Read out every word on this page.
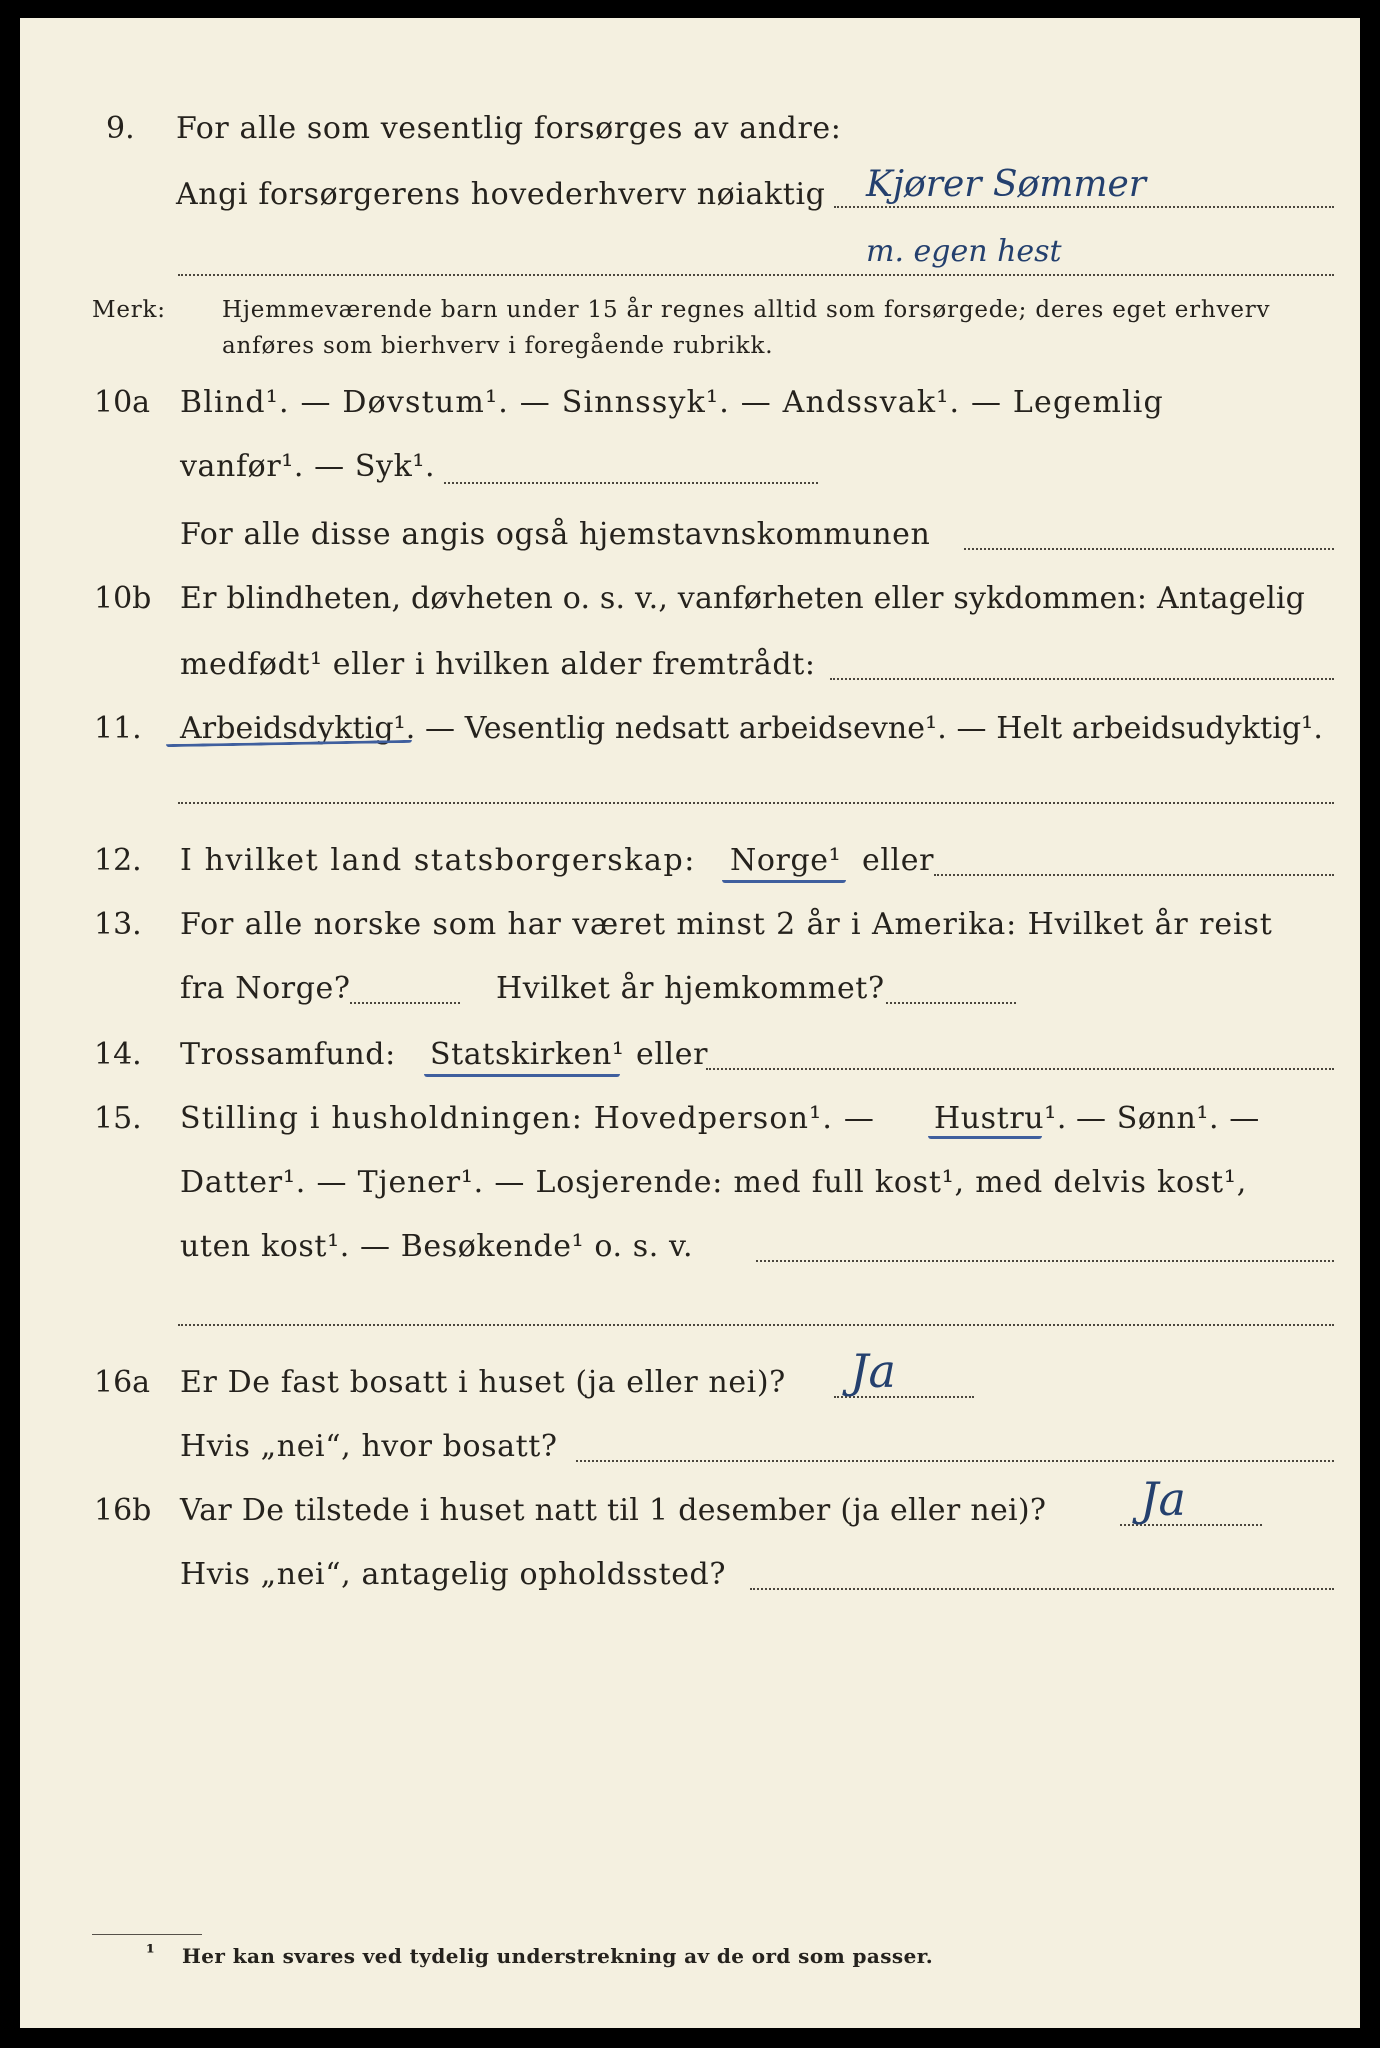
9. For alle som vesentlig forsørges av andre:
Angi forsørgerens hovederhverv nøiaktig Kjører Sømmer
m. egen hest
Merk: Hjemmeværende barn under 15 år regnes alltid som forsørgede; deres eget erhverv
anføres som bierhverv i foregående rubrikk.
10a Blind¹. — Døvstum¹. — Sinnssyk¹. — Andssvak¹. — Legemlig
vanfør¹. — Syk¹.
For alle disse angis også hjemstavnskommunen
10b Er blindheten, døvheten o. s. v., vanførheten eller sykdommen: Antagelig
medfødt¹ eller i hvilken alder fremtrådt:
11. Arbeidsdyktig¹. — Vesentlig nedsatt arbeidsevne¹. — Helt arbeidsudyktig¹.
12. I hvilket land statsborgerskap: Norge¹ eller
13. For alle norske som har været minst 2 år i Amerika: Hvilket år reist
fra Norge?	Hvilket år hjemkommet?
14. Trossamfund: Statskirken¹ eller
15. Stilling i husholdningen: Hovedperson¹. — Hustru¹. — Sønn¹. —
Datter¹. — Tjener¹. — Losjerende: med full kost¹, med delvis kost¹,
uten kost¹. — Besøkende¹ o. s. v.
16a Er De fast bosatt i huset (ja eller nei)? Ja
Hvis „nei“, hvor bosatt?
16b Var De tilstede i huset natt til 1 desember (ja eller nei)? Ja
Hvis „nei“, antagelig opholdssted?
¹ Her kan svares ved tydelig understrekning av de ord som passer.
